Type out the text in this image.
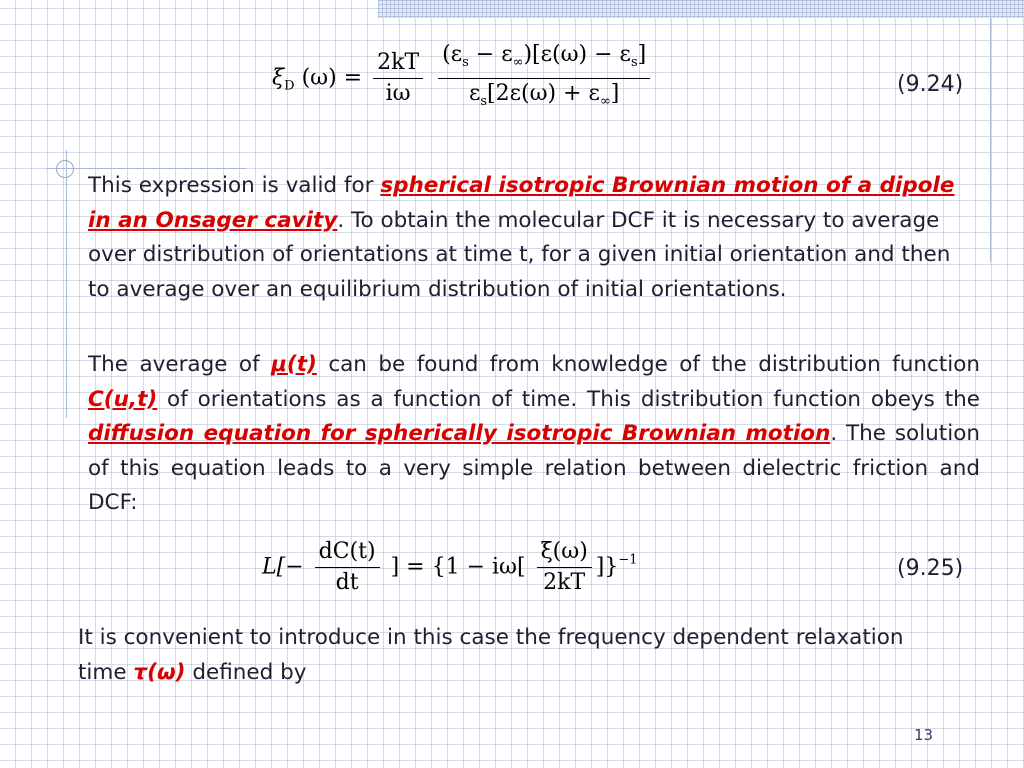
$\xi_D$ $(\omega) = \frac{2kT}{i\omega}$
$\frac{(\varepsilon_s - \varepsilon_\infty)[\varepsilon(\omega) - \varepsilon_s]}{\varepsilon_s[2\varepsilon(\omega) + \varepsilon_\infty]}$	(9.24)
This expression is valid for spherical isotropic Brownian motion of a dipole in an Onsager cavity. To obtain the molecular DCF it is necessary to average over distribution of orientations at time t, for a given initial orientation and then to average over an equilibrium distribution of initial orientations.
The average of μ(t) can be found from knowledge of the distribution function C(u,t) of orientations as a function of time. This distribution function obeys the diffusion equation for spherically isotropic Brownian motion. The solution of this equation leads to a very simple relation between dielectric friction and DCF:
$L[- \frac{dC(t)}{dt}$ ] = $\{1 - i\omega[ \frac{\xi(\omega)}{2kT} ]\}^{-1}$	(9.25)
It is convenient to introduce in this case the frequency dependent relaxation time τ(ω) defined by
13
